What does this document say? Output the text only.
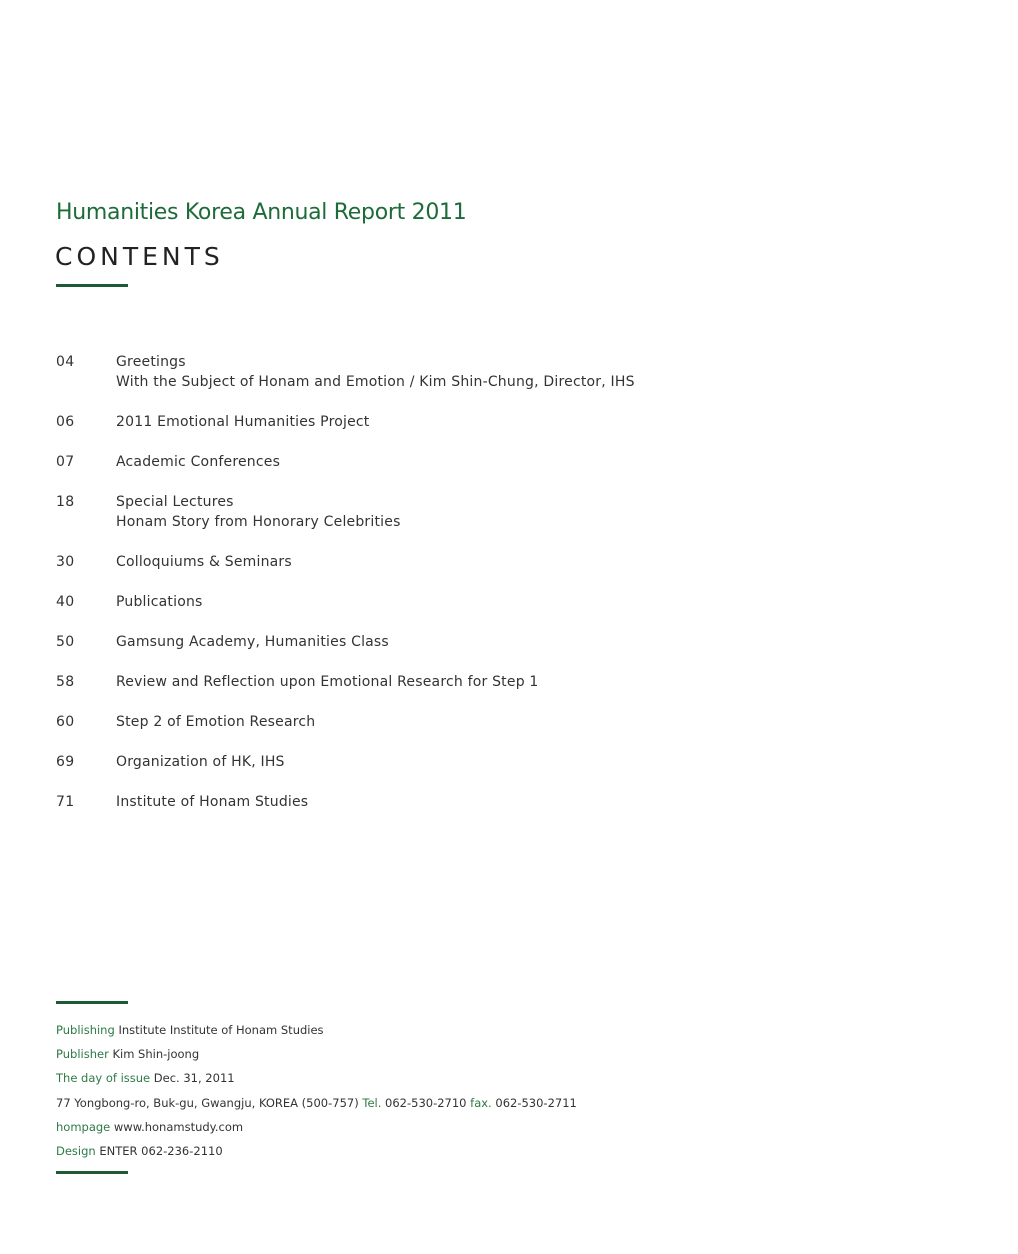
Humanities Korea Annual Report 2011
CONTENTS
04	Greetings
With the Subject of Honam and Emotion / Kim Shin-Chung, Director, IHS
06	2011 Emotional Humanities Project
07	Academic Conferences
18	Special Lectures
Honam Story from Honorary Celebrities
30	Colloquiums & Seminars
40	Publications
50	Gamsung Academy, Humanities Class
58	Review and Reflection upon Emotional Research for Step 1
60	Step 2 of Emotion Research
69	Organization of HK, IHS
71	Institute of Honam Studies
Publishing Institute Institute of Honam Studies
Publisher Kim Shin-joong
The day of issue Dec. 31, 2011
77 Yongbong-ro, Buk-gu, Gwangju, KOREA (500-757) Tel. 062-530-2710 fax. 062-530-2711
hompage www.honamstudy.com
Design ENTER 062-236-2110
